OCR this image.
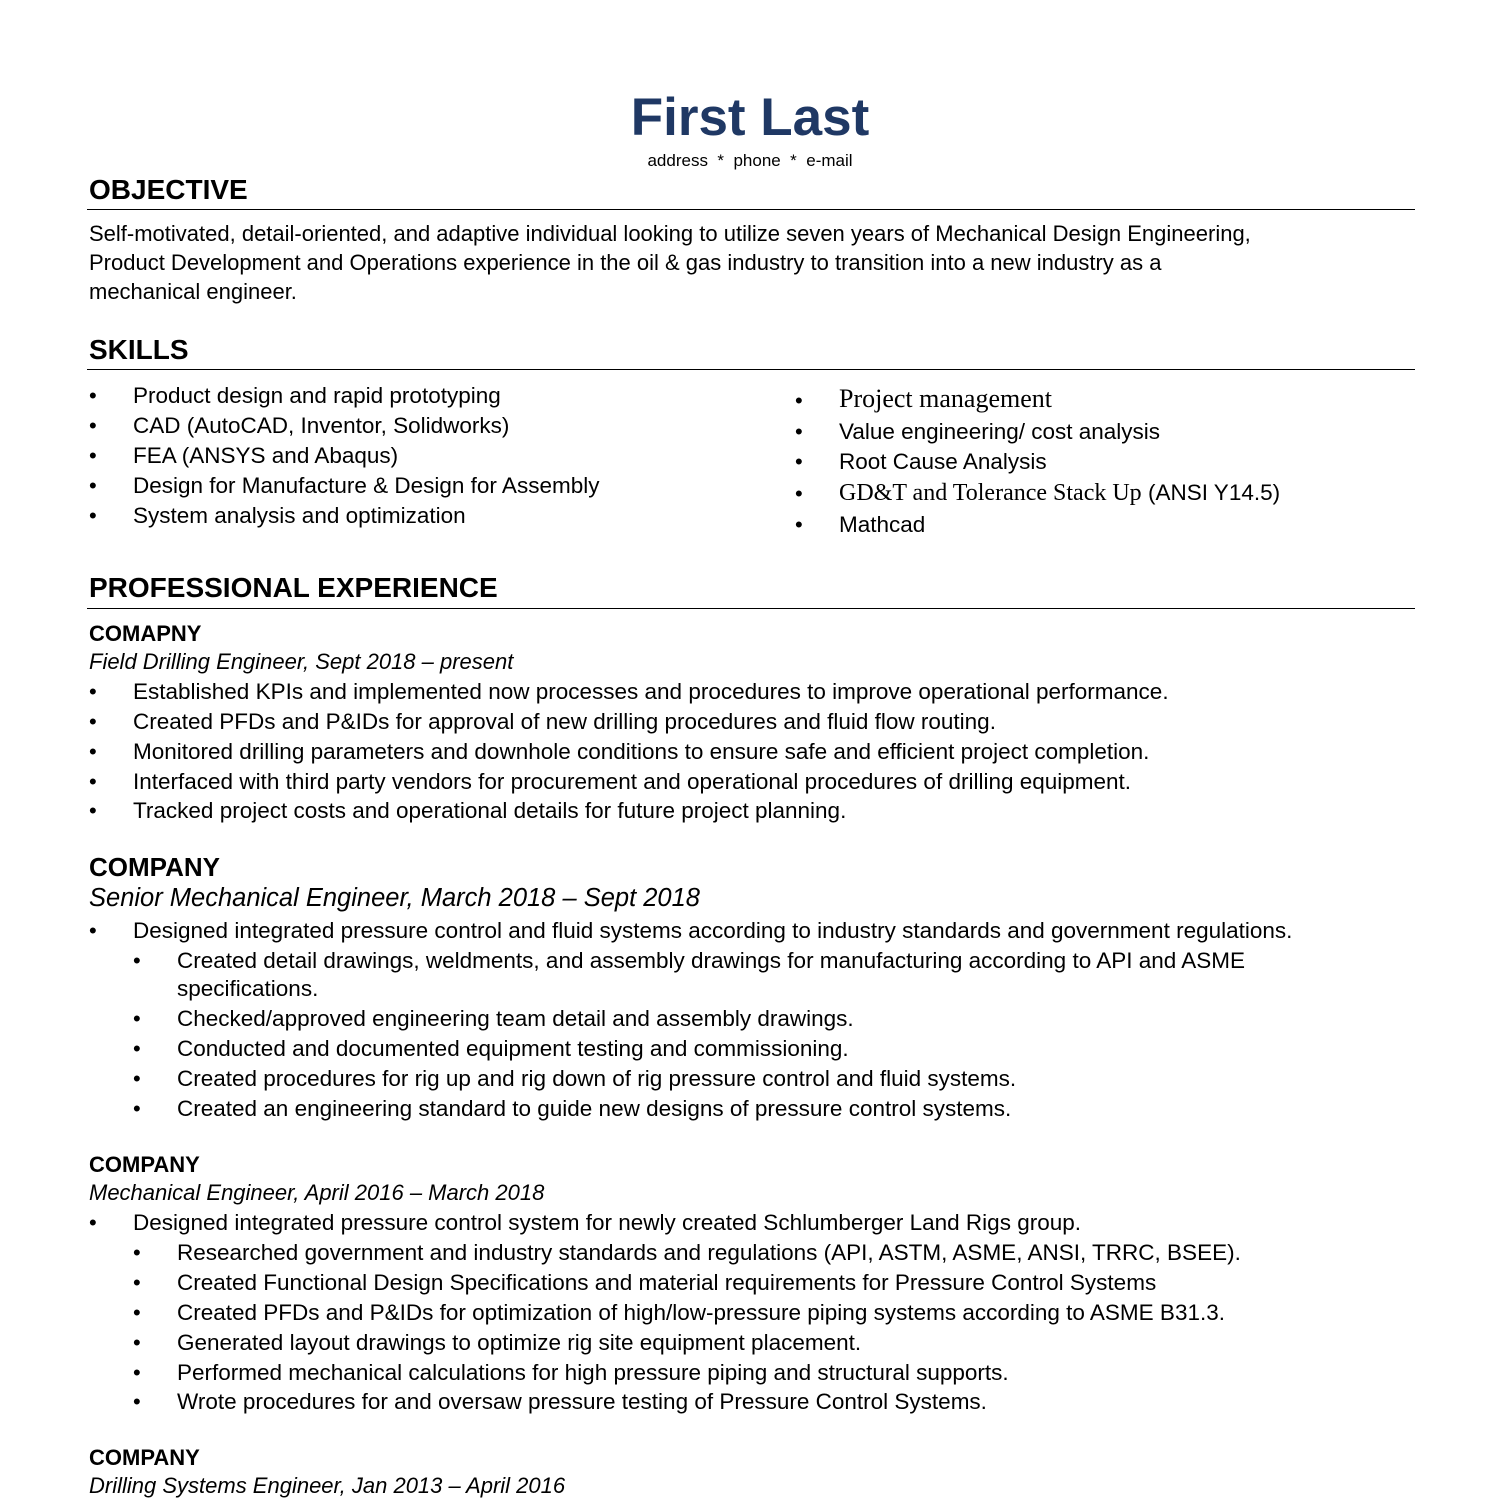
First Last
address  *  phone  *  e-mail
OBJECTIVE
Self-motivated, detail-oriented, and adaptive individual looking to utilize seven years of Mechanical Design Engineering,
Product Development and Operations experience in the oil & gas industry to transition into a new industry as a
mechanical engineer.
SKILLS
• Product design and rapid prototyping
• CAD (AutoCAD, Inventor, Solidworks)
• FEA (ANSYS and Abaqus)
• Design for Manufacture & Design for Assembly
• System analysis and optimization
• Project management
• Value engineering/ cost analysis
• Root Cause Analysis
• GD&T and Tolerance Stack Up (ANSI Y14.5)
• Mathcad
PROFESSIONAL EXPERIENCE
COMAPNY
Field Drilling Engineer, Sept 2018 – present
• Established KPIs and implemented now processes and procedures to improve operational performance.
• Created PFDs and P&IDs for approval of new drilling procedures and fluid flow routing.
• Monitored drilling parameters and downhole conditions to ensure safe and efficient project completion.
• Interfaced with third party vendors for procurement and operational procedures of drilling equipment.
• Tracked project costs and operational details for future project planning.
COMPANY
Senior Mechanical Engineer, March 2018 – Sept 2018
• Designed integrated pressure control and fluid systems according to industry standards and government regulations.
• Created detail drawings, weldments, and assembly drawings for manufacturing according to API and ASME
specifications.
• Checked/approved engineering team detail and assembly drawings.
• Conducted and documented equipment testing and commissioning.
• Created procedures for rig up and rig down of rig pressure control and fluid systems.
• Created an engineering standard to guide new designs of pressure control systems.
COMPANY
Mechanical Engineer, April 2016 – March 2018
• Designed integrated pressure control system for newly created Schlumberger Land Rigs group.
• Researched government and industry standards and regulations (API, ASTM, ASME, ANSI, TRRC, BSEE).
• Created Functional Design Specifications and material requirements for Pressure Control Systems
• Created PFDs and P&IDs for optimization of high/low-pressure piping systems according to ASME B31.3.
• Generated layout drawings to optimize rig site equipment placement.
• Performed mechanical calculations for high pressure piping and structural supports.
• Wrote procedures for and oversaw pressure testing of Pressure Control Systems.
COMPANY
Drilling Systems Engineer, Jan 2013 – April 2016
